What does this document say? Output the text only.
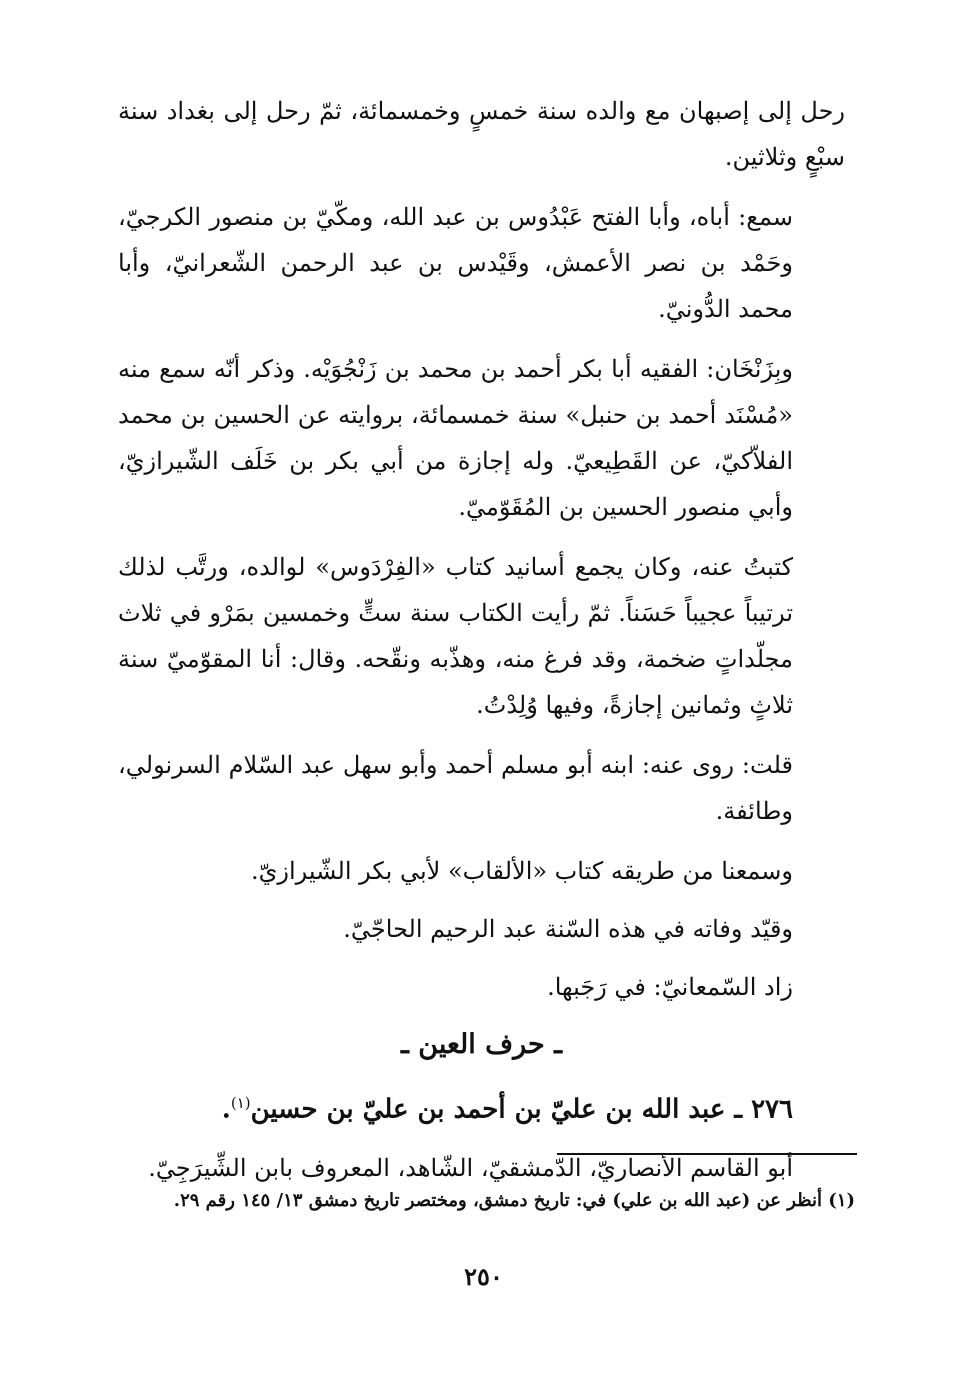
رحل إلى إصبهان مع والده سنة خمسٍ وخمسمائة، ثمّ رحل إلى بغداد سنة سبْعٍ وثلاثين.

سمع: أباه، وأبا الفتح عَبْدُوس بن عبد الله، ومكّيّ بن منصور الكرجيّ، وحَمْد بن نصر الأعمش، وقَيْدس بن عبد الرحمن الشّعرانيّ، وأبا محمد الدُّونيّ.

وبِزَنْخَان: الفقيه أبا بكر أحمد بن محمد بن زَنْجُوَيْه. وذكر أنّه سمع منه «مُسْنَد أحمد بن حنبل» سنة خمسمائة، بروايته عن الحسين بن محمد الفلاّكيّ، عن القَطِيعيّ. وله إجازة من أبي بكر بن خَلَف الشّيرازيّ، وأبي منصور الحسين بن المُقَوّميّ.

كتبتُ عنه، وكان يجمع أسانيد كتاب «الفِرْدَوس» لوالده، ورتَّب لذلك ترتيباً عجيباً حَسَناً. ثمّ رأيت الكتاب سنة ستٍّ وخمسين بمَرْو في ثلاث مجلّداتٍ ضخمة، وقد فرغ منه، وهذّبه ونقّحه. وقال: أنا المقوّميّ سنة ثلاثٍ وثمانين إجازةً، وفيها وُلِدْتُ.

قلت: روى عنه: ابنه أبو مسلم أحمد وأبو سهل عبد السّلام السرنولي، وطائفة.

وسمعنا من طريقه كتاب «الألقاب» لأبي بكر الشّيرازيّ.

وقيّد وفاته في هذه السّنة عبد الرحيم الحاجّيّ.

زاد السّمعانيّ: في رَجَبها.

ـ حرف العين ـ

٢٧٦ ـ عبد الله بن عليّ بن أحمد بن عليّ بن حسين$^{(١)}$.

أبو القاسم الأنصاريّ، الدّمشقيّ، الشّاهد، المعروف بابن الشِّيرَجِيّ.

(١) أنظر عن (عبد الله بن علي) في: تاريخ دمشق، ومختصر تاريخ دمشق ١٣/ ١٤٥ رقم ٢٩.
٢٥٠
